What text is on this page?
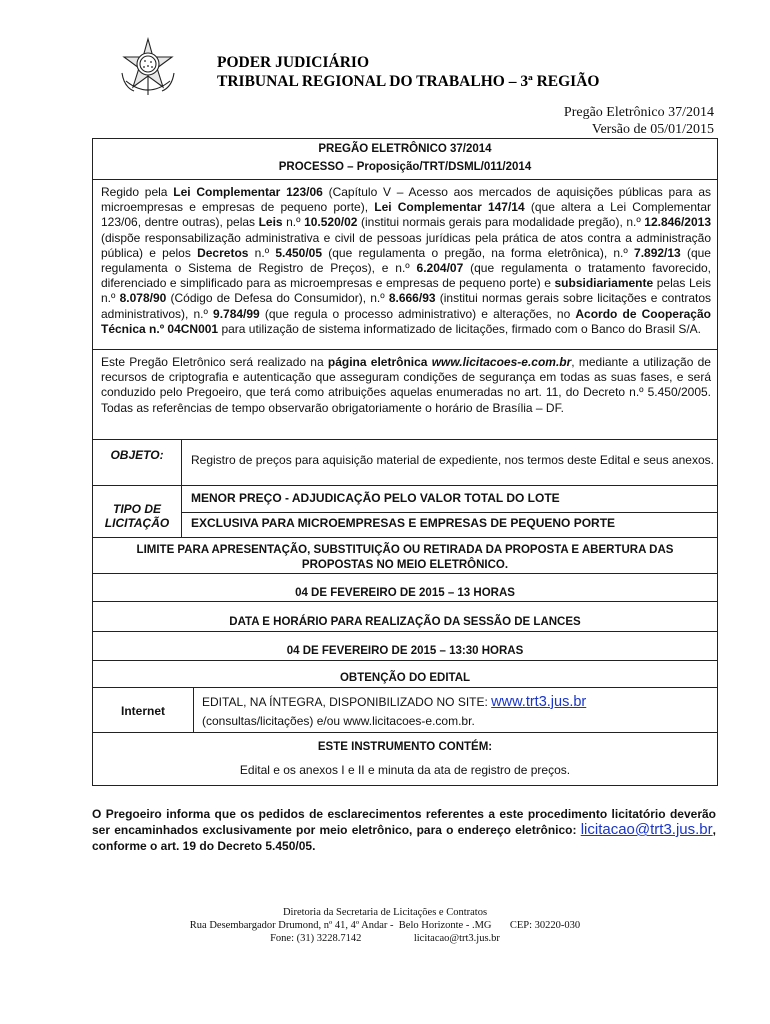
PODER JUDICIÁRIO
TRIBUNAL REGIONAL DO TRABALHO – 3ª REGIÃO
Pregão Eletrônico 37/2014
Versão de 05/01/2015
PREGÃO ELETRÔNICO 37/2014
PROCESSO – Proposição/TRT/DSML/011/2014
Regido pela Lei Complementar 123/06 (Capítulo V – Acesso aos mercados de aquisições públicas para as microempresas e empresas de pequeno porte), Lei Complementar 147/14 (que altera a Lei Complementar 123/06, dentre outras), pelas Leis n.º 10.520/02 (institui normais gerais para modalidade pregão), n.º 12.846/2013 (dispõe responsabilização administrativa e civil de pessoas jurídicas pela prática de atos contra a administração pública) e pelos Decretos n.º 5.450/05 (que regulamenta o pregão, na forma eletrônica), n.º 7.892/13 (que regulamenta o Sistema de Registro de Preços), e n.º 6.204/07 (que regulamenta o tratamento favorecido, diferenciado e simplificado para as microempresas e empresas de pequeno porte) e subsidiariamente pelas Leis n.º 8.078/90 (Código de Defesa do Consumidor), n.º 8.666/93 (institui normas gerais sobre licitações e contratos administrativos), n.º 9.784/99 (que regula o processo administrativo) e alterações, no Acordo de Cooperação Técnica n.º 04CN001 para utilização de sistema informatizado de licitações, firmado com o Banco do Brasil S/A.
Este Pregão Eletrônico será realizado na página eletrônica www.licitacoes-e.com.br, mediante a utilização de recursos de criptografia e autenticação que asseguram condições de segurança em todas as suas fases, e será conduzido pelo Pregoeiro, que terá como atribuições aquelas enumeradas no art. 11, do Decreto n.º 5.450/2005. Todas as referências de tempo observarão obrigatoriamente o horário de Brasília – DF.
OBJETO:	Registro de preços para aquisição material de expediente, nos termos deste Edital e seus anexos.
TIPO DE
LICITAÇÃO
MENOR PREÇO - ADJUDICAÇÃO PELO VALOR TOTAL DO LOTE
EXCLUSIVA PARA MICROEMPRESAS E EMPRESAS DE PEQUENO PORTE
LIMITE PARA APRESENTAÇÃO, SUBSTITUIÇÃO OU RETIRADA DA PROPOSTA E ABERTURA DAS
PROPOSTAS NO MEIO ELETRÔNICO.
04 DE FEVEREIRO DE 2015 – 13 HORAS
DATA E HORÁRIO PARA REALIZAÇÃO DA SESSÃO DE LANCES
04 DE FEVEREIRO DE 2015 – 13:30 HORAS
OBTENÇÃO DO EDITAL
Internet
EDITAL, NA ÍNTEGRA, DISPONIBILIZADO NO SITE: www.trt3.jus.br
(consultas/licitações) e/ou www.licitacoes-e.com.br.
ESTE INSTRUMENTO CONTÉM:
Edital e os anexos I e II e minuta da ata de registro de preços.
O Pregoeiro informa que os pedidos de esclarecimentos referentes a este procedimento licitatório deverão ser encaminhados exclusivamente por meio eletrônico, para o endereço eletrônico: licitacao@trt3.jus.br, conforme o art. 19 do Decreto 5.450/05.
Diretoria da Secretaria de Licitações e Contratos
Rua Desembargador Drumond, nº 41, 4º Andar -  Belo Horizonte - .MG       CEP: 30220-030
Fone: (31) 3228.7142                    licitacao@trt3.jus.br
